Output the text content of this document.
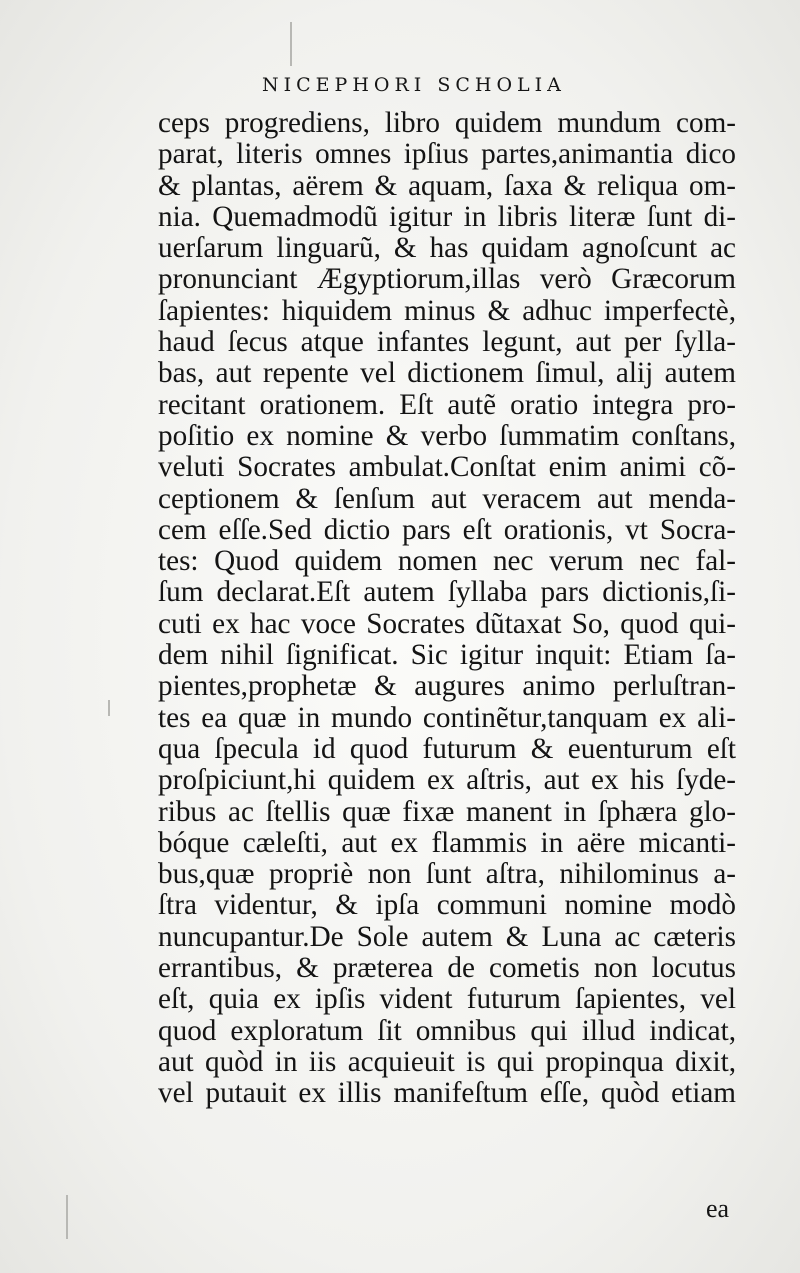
NICEPHORI SCHOLIA
ceps progrediens, libro quidem mundum com-
parat, literis omnes ipſius partes,animantia dico
& plantas, aërem & aquam, ſaxa & reliqua om-
nia. Quemadmodũ igitur in libris literæ ſunt di-
uerſarum linguarũ, & has quidam agnoſcunt ac
pronunciant Ægyptiorum,illas verò Græcorum
ſapientes: hiquidem minus & adhuc imperfectè,
haud ſecus atque infantes legunt, aut per ſylla-
bas, aut repente vel dictionem ſimul, alij autem
recitant orationem. Eſt autẽ oratio integra pro-
poſitio ex nomine & verbo ſummatim conſtans,
veluti Socrates ambulat.Conſtat enim animi cõ-
ceptionem & ſenſum aut veracem aut menda-
cem eſſe.Sed dictio pars eſt orationis, vt Socra-
tes: Quod quidem nomen nec verum nec fal-
ſum declarat.Eſt autem ſyllaba pars dictionis,ſi-
cuti ex hac voce Socrates dũtaxat So, quod qui-
dem nihil ſignificat. Sic igitur inquit: Etiam ſa-
pientes,prophetæ & augures animo perluſtran-
tes ea quæ in mundo continẽtur,tanquam ex ali-
qua ſpecula id quod futurum & euenturum eſt
proſpiciunt,hi quidem ex aſtris, aut ex his ſyde-
ribus ac ſtellis quæ fixæ manent in ſphæra glo-
bóque cæleſti, aut ex flammis in aëre micanti-
bus,quæ propriè non ſunt aſtra, nihilominus a-
ſtra videntur, & ipſa communi nomine modò
nuncupantur.De Sole autem & Luna ac cæteris
errantibus, & præterea de cometis non locutus
eſt, quia ex ipſis vident futurum ſapientes, vel
quod exploratum ſit omnibus qui illud indicat,
aut quòd in iis acquieuit is qui propinqua dixit,
vel putauit ex illis manifeſtum eſſe, quòd etiam
ea
